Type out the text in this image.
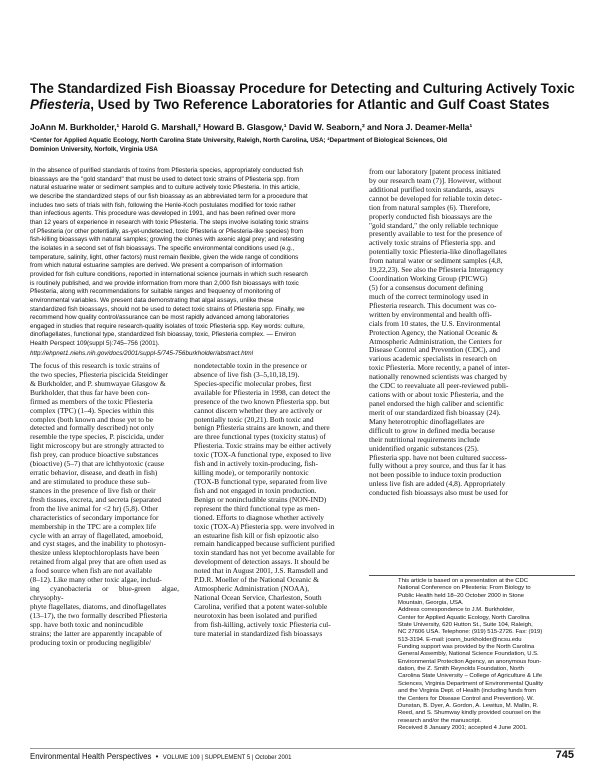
The Standardized Fish Bioassay Procedure for Detecting and Culturing Actively Toxic
Pfiesteria, Used by Two Reference Laboratories for Atlantic and Gulf Coast States
JoAnn M. Burkholder,¹ Harold G. Marshall,² Howard B. Glasgow,¹ David W. Seaborn,² and Nora J. Deamer-Mella¹
¹Center for Applied Aquatic Ecology, North Carolina State University, Raleigh, North Carolina, USA; ²Department of Biological Sciences, Old
Dominion University, Norfolk, Virginia USA
In the absence of purified standards of toxins from Pfiesteria species, appropriately conducted fish
bioassays are the "gold standard" that must be used to detect toxic strains of Pfiesteria spp. from
natural estuarine water or sediment samples and to culture actively toxic Pfiesteria. In this article,
we describe the standardized steps of our fish bioassay as an abbreviated term for a procedure that
includes two sets of trials with fish, following the Henle-Koch postulates modified for toxic rather
than infectious agents. This procedure was developed in 1991, and has been refined over more
than 12 years of experience in research with toxic Pfiesteria. The steps involve isolating toxic strains
of Pfiesteria (or other potentially, as-yet-undetected, toxic Pfiesteria or Pfiesteria-like species) from
fish-killing bioassays with natural samples; growing the clones with axenic algal prey; and retesting
the isolates in a second set of fish bioassays. The specific environmental conditions used (e.g.,
temperature, salinity, light, other factors) must remain flexible, given the wide range of conditions
from which natural estuarine samples are derived. We present a comparison of information
provided for fish culture conditions, reported in international science journals in which such research
is routinely published, and we provide information from more than 2,000 fish bioassays with toxic
Pfiesteria, along with recommendations for suitable ranges and frequency of monitoring of
environmental variables. We present data demonstrating that algal assays, unlike these
standardized fish bioassays, should not be used to detect toxic strains of Pfiesteria spp. Finally, we
recommend how quality control/assurance can be most rapidly advanced among laboratories
engaged in studies that require research-quality isolates of toxic Pfiesteria spp. Key words: culture,
dinoflagellates, functional type, standardized fish bioassay, toxic, Pfiesteria complex. — Environ
Health Perspect 109(suppl 5):745–756 (2001).
http://ehpnet1.niehs.nih.gov/docs/2001/suppl-5/745-756burkholder/abstract.html
The focus of this research is toxic strains of
the two species, Pfiesteria piscicida Steidinger
& Burkholder, and P. shumwayae Glasgow &
Burkholder, that thus far have been con-
firmed as members of the toxic Pfiesteria
complex (TPC) (1–4). Species within this
complex (both known and those yet to be
detected and formally described) not only
resemble the type species, P. piscicida, under
light microscopy but are strongly attracted to
fish prey, can produce bioactive substances
(bioactive) (5–7) that are ichthyotoxic (cause
erratic behavior, disease, and death in fish)
and are stimulated to produce these sub-
stances in the presence of live fish or their
fresh tissues, excreta, and secreta (separated
from the live animal for <2 hr) (5,8). Other
characteristics of secondary importance for
membership in the TPC are a complex life
cycle with an array of flagellated, amoeboid,
and cyst stages, and the inability to photosyn-
thesize unless kleptochloroplasts have been
retained from algal prey that are often used as
a food source when fish are not available
(8–12). Like many other toxic algae, includ-
ing cyanobacteria or blue-green algae, chrysophy-
phyte flagellates, diatoms, and dinoflagellates
(13–17), the two formally described Pfiesteria
spp. have both toxic and nonincudible
strains; the latter are apparently incapable of
producing toxin or producing negligible/
nondetectable toxin in the presence or
absence of live fish (3–5,10,18,19).
Species-specific molecular probes, first
available for Pfiesteria in 1998, can detect the
presence of the two known Pfiesteria spp. but
cannot discern whether they are actively or
potentially toxic (20,21). Both toxic and
benign Pfiesteria strains are known, and there
are three functional types (toxicity status) of
Pfiesteria. Toxic strains may be either actively
toxic (TOX-A functional type, exposed to live
fish and in actively toxin-producing, fish-
killing mode), or temporarily nontoxic
(TOX-B functional type, separated from live
fish and not engaged in toxin production.
Benign or nonincludible strains (NON-IND)
represent the third functional type as men-
tioned. Efforts to diagnose whether actively
toxic (TOX-A) Pfiesteria spp. were involved in
an estuarine fish kill or fish epizootic also
remain handicapped because sufficient purified
toxin standard has not yet become available for
development of detection assays. It should be
noted that in August 2001, J.S. Ramsdell and
P.D.R. Moeller of the National Oceanic &
Atmospheric Administration (NOAA),
National Ocean Service, Charleston, South
Carolina, verified that a potent water-soluble
neurotoxin has been isolated and purified
from fish-killing, actively toxic Pfiesteria cul-
ture material in standardized fish bioassays
from our laboratory [patent process initiated
by our research team (7)]. However, without
additional purified toxin standards, assays
cannot be developed for reliable toxin detec-
tion from natural samples (6). Therefore,
properly conducted fish bioassays are the
"gold standard," the only reliable technique
presently available to test for the presence of
actively toxic strains of Pfiesteria spp. and
potentially toxic Pfiesteria-like dinoflagellates
from natural water or sediment samples (4,8,
19,22,23). See also the Pfiesteria Interagency
Coordination Working Group (PICWG)
(5) for a consensus document defining
much of the correct terminology used in
Pfiesteria research. This document was co-
written by environmental and health offi-
cials from 10 states, the U.S. Environmental
Protection Agency, the National Oceanic &
Atmospheric Administration, the Centers for
Disease Control and Prevention (CDC), and
various academic specialists in research on
toxic Pfiesteria. More recently, a panel of inter-
nationally renowned scientists was charged by
the CDC to reevaluate all peer-reviewed publi-
cations with or about toxic Pfiesteria, and the
panel endorsed the high caliber and scientific
merit of our standardized fish bioassay (24).
Many heterotrophic dinoflagellates are
difficult to grow in defined media because
their nutritional requirements include
unidentified organic substances (25).
Pfiesteria spp. have not been cultured success-
fully without a prey source, and thus far it has
not been possible to induce toxin production
unless live fish are added (4,8). Appropriately
conducted fish bioassays also must be used for
This article is based on a presentation at the CDC
National Conference on Pfiesteria: From Biology to
Public Health held 18–20 October 2000 in Stone
Mountain, Georgia, USA.
Address correspondence to J.M. Burkholder,
Center for Applied Aquatic Ecology, North Carolina
State University, 620 Hutton St., Suite 104, Raleigh,
NC 27606 USA. Telephone: (919) 515-2726. Fax: (919)
513-3194. E-mail: joann_burkholder@ncsu.edu
Funding support was provided by the North Carolina
General Assembly, National Science Foundation, U.S.
Environmental Protection Agency, an anonymous foun-
dation, the Z. Smith Reynolds Foundation, North
Carolina State University – College of Agriculture & Life
Sciences, Virginia Department of Environmental Quality
and the Virginia Dept. of Health (including funds from
the Centers for Disease Control and Prevention). W.
Dunstan, B. Dyer, A. Gordon, A. Lewitus, M. Mallin, R.
Reed, and S. Shumway kindly provided counsel on the
research and/or the manuscript.
Received 8 January 2001; accepted 4 June 2001.
Environmental Health Perspectives  •  VOLUME 109 | SUPPLEMENT 5 | October 2001	745
